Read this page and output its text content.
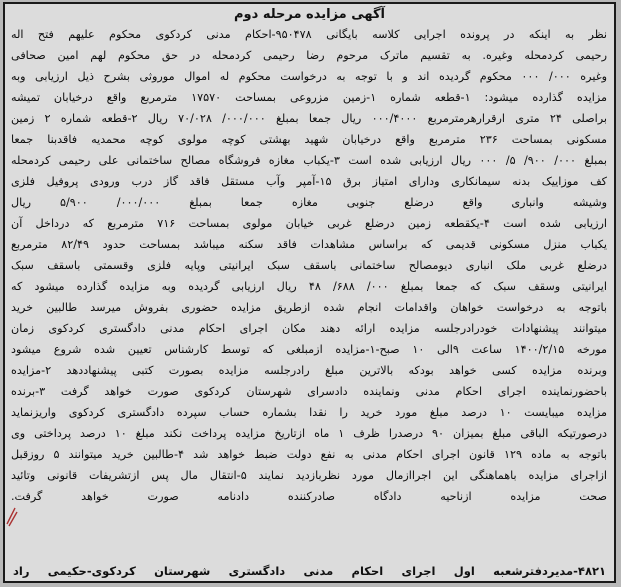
آگهی مزایده مرحله دوم
نظر به اینکه در پرونده اجرایی کلاسه بایگانی ۹۵۰۴۷۸-احکام مدنی کردکوی محکوم علیهم فتح اله
رحیمی کردمحله وغیره. به تقسیم ماترک مرحوم رضا رحیمی کردمحله در حق محکوم لهم امین صحافی
وغیره ۰۰۰/ ۰۰۰ محکوم گردیده اند و با توجه به درخواست محکوم له اموال موروثی بشرح ذیل ارزیابی وبه
مزایده گذارده میشود: ۱-قطعه شماره ۱-زمین مزروعی بمساحت ۱۷۵۷۰ مترمربع واقع درخیابان تمیشه
براصلی ۲۴ متری ارقرارهرمترمربع ۰۰۰/۴۰۰۰ ریال جمعا بمبلغ ۰۰۰/۰۰۰/ ۷۰/۰۲۸ ریال ۲-قطعه شماره ۲ زمین
مسکونی بمساحت ۲۳۶ مترمربع واقع درخیابان شهید بهشتی کوچه مولوی کوچه محمدیه فاقدبنا جمعا
بمبلغ ۰۰۰/ ۹۰۰/ ۵/ ۰۰۰ ریال ارزیابی شده است ۳-یکباب مغازه فروشگاه مصالح ساختمانی علی رحیمی کردمحله
کف موزاییک بدنه سیمانکاری ودارای امتیاز برق ۱۵-آمپر وآب مستقل فاقد گاز درب ورودی پروفیل فلزی
وشیشه وانباری واقع درضلع جنوبی مغازه جمعا بمبلغ ۰۰۰/۰۰۰/ ۵/۹۰۰ ریال
ارزیابی شده است ۴-یکقطعه زمین درضلع غربی خیابان مولوی بمساحت ۷۱۶ مترمربع که درداخل آن
یکباب منزل مسکونی قدیمی که براساس مشاهدات فاقد سکنه میباشد بمساحت حدود ۸۲/۴۹ مترمربع
درضلع غربی ملک انباری دیومصالح ساختمانی باسقف سبک ایرانیتی وپایه فلزی وقسمتی باسقف سبک
ایرانیتی وسقف سبک که جمعا بمبلغ ۰۰۰/ ۶۸۸/ ۴۸ ریال ارزیابی گردیده وبه مزایده گذارده میشود که
باتوجه به درخواست خواهان واقدامات انجام شده ازطریق مزایده حضوری بفروش میرسد طالبین خرید
میتوانند پیشنهادات خودرادرجلسه مزایده ارائه دهند مکان اجرای احکام مدنی دادگستری کردکوی زمان
مورخه ۱۴۰۰/۲/۱۵ ساعت ۹الی ۱۰ صبح-۱-مزایده ازمبلغی که توسط کارشناس تعیین شده شروع میشود
وبرنده مزایده کسی خواهد بودکه بالاترین مبلغ رادرجلسه مزایده بصورت کتبی پیشنهاددهد ۲-مزایده
باحضورنماینده اجرای احکام مدنی ونماینده دادسرای شهرستان کردکوی صورت خواهد گرفت ۳-برنده
مزایده میبایست ۱۰ درصد مبلغ مورد خرید را نقدا بشماره حساب سپرده دادگستری کردکوی واریزنماید
درصورتیکه الباقی مبلغ بمیزان ۹۰ درصدرا ظرف ۱ ماه ازتاریخ مزایده پرداخت نکند مبلغ ۱۰ درصد پرداختی وی
باتوجه به ماده ۱۲۹ قانون اجرای احکام مدنی به نفع دولت ضبط خواهد شد ۴-طالبین خرید میتوانند ۵ روزقبل
ازاجرای مزایده باهماهنگی این اجراازمال مورد نظربازدید نمایند ۵-انتقال مال پس ازتشریفات قانونی وتائید
صحت مزایده ازناحیه دادگاه صادرکننده دادنامه صورت خواهد گرفت.
۴۸۲۱-مدیردفترشعبه اول اجرای احکام مدنی دادگستری شهرستان کردکوی-حکیمی راد
